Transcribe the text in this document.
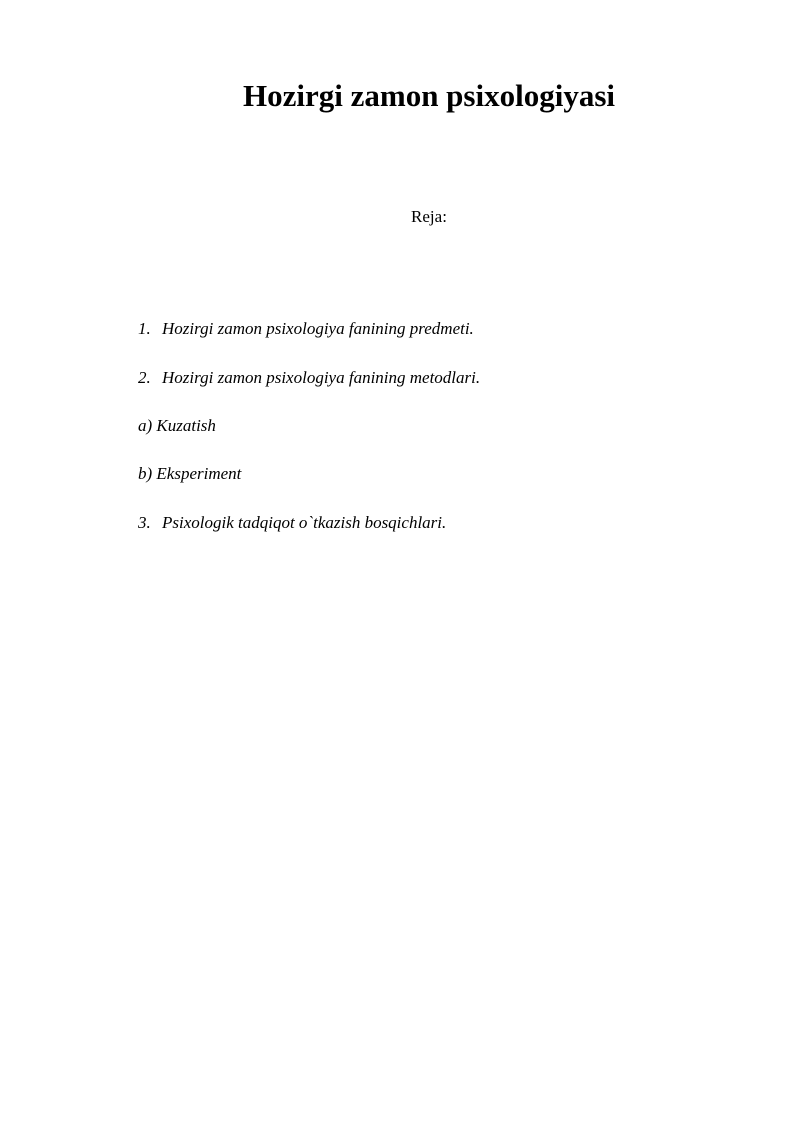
Hozirgi zamon psixologiyasi
Reja:
1. Hozirgi zamon psixologiya fanining predmeti.
2. Hozirgi zamon psixologiya fanining metodlari.
a) Kuzatish
b) Eksperiment
3. Psixologik tadqiqot o`tkazish bosqichlari.
